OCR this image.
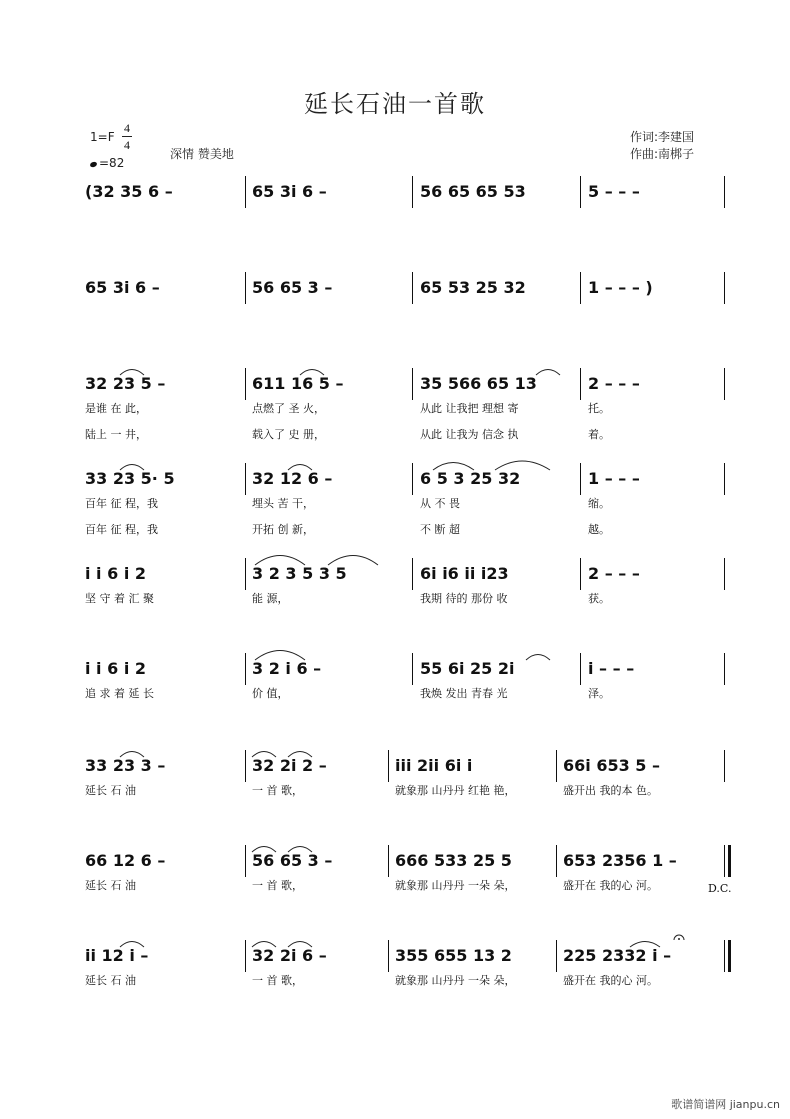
延长石油一首歌
1=F
4
4
=82
深情 赞美地
作词:李建国
作曲:南梆子
(32 35 6 –	65 3i 6 –	56 65 65 53	5 – – –
65 3i 6 –	56 65 3 –	65 53 25 32	1 – – – )
32 23 5 –	611 16 5 –	35 566 65 13	2 – – –
是谁 在 此，	点燃了 圣 火，	从此 让我把 理想 寄	托。
陆上 一 井，	载入了 史 册，	从此 让我为 信念 执	着。
33 23 5· 5	32 12 6 –	6 5 3 25 32	1 – – –
百年 征 程，我	埋头 苦 干，	从 不 畏	缩。
百年 征 程，我	开拓 创 新，	不 断 超	越。
i i 6 i 2	3 2 3 5 3 5	6i i6 ii i23	2 – – –
坚 守 着 汇 聚	能 源，	我期 待的 那份 收	获。
i i 6 i 2	3 2 i 6 –	55 6i 25 2i	i – – –
追 求 着 延 长	价 值，	我焕 发出 青春 光	泽。
33 23 3 –	32 2i 2 –	iii 2ii 6i i	66i 653 5 –
延长 石 油	一 首 歌，	就象那 山丹丹 红艳 艳，	盛开出 我的本 色。
66 12 6 –	56 65 3 –	666 533 25 5	653 2356 1 –
延长 石 油	一 首 歌，	就象那 山丹丹 一朵 朵，	盛开在 我的心 河。
ii 12 i –	32 2i 6 –	355 655 13 2	225 2332 i –
延长 石 油	一 首 歌，	就象那 山丹丹 一朵 朵，	盛开在 我的心 河。
D.C.
歌谱简谱网 jianpu.cn
